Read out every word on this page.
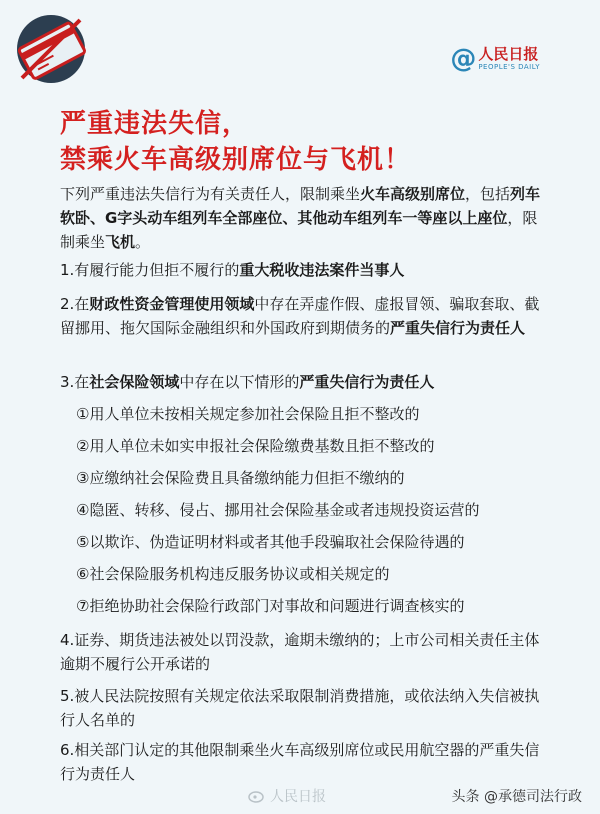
@ 人民日报
PEOPLE'S DAILY
严重违法失信，
禁乘火车高级别席位与飞机！
下列严重违法失信行为有关责任人，限制乘坐火车高级别席位，包括列车软卧、G字头动车组列车全部座位、其他动车组列车一等座以上座位，限制乘坐飞机。
1.有履行能力但拒不履行的重大税收违法案件当事人
2.在财政性资金管理使用领域中存在弄虚作假、虚报冒领、骗取套取、截留挪用、拖欠国际金融组织和外国政府到期债务的严重失信行为责任人
3.在社会保险领域中存在以下情形的严重失信行为责任人
①用人单位未按相关规定参加社会保险且拒不整改的
②用人单位未如实申报社会保险缴费基数且拒不整改的
③应缴纳社会保险费且具备缴纳能力但拒不缴纳的
④隐匿、转移、侵占、挪用社会保险基金或者违规投资运营的
⑤以欺诈、伪造证明材料或者其他手段骗取社会保险待遇的
⑥社会保险服务机构违反服务协议或相关规定的
⑦拒绝协助社会保险行政部门对事故和问题进行调查核实的
4.证券、期货违法被处以罚没款，逾期未缴纳的；上市公司相关责任主体逾期不履行公开承诺的
5.被人民法院按照有关规定依法采取限制消费措施，或依法纳入失信被执行人名单的
6.相关部门认定的其他限制乘坐火车高级别席位或民用航空器的严重失信行为责任人
人民日报	头条 @承德司法行政
